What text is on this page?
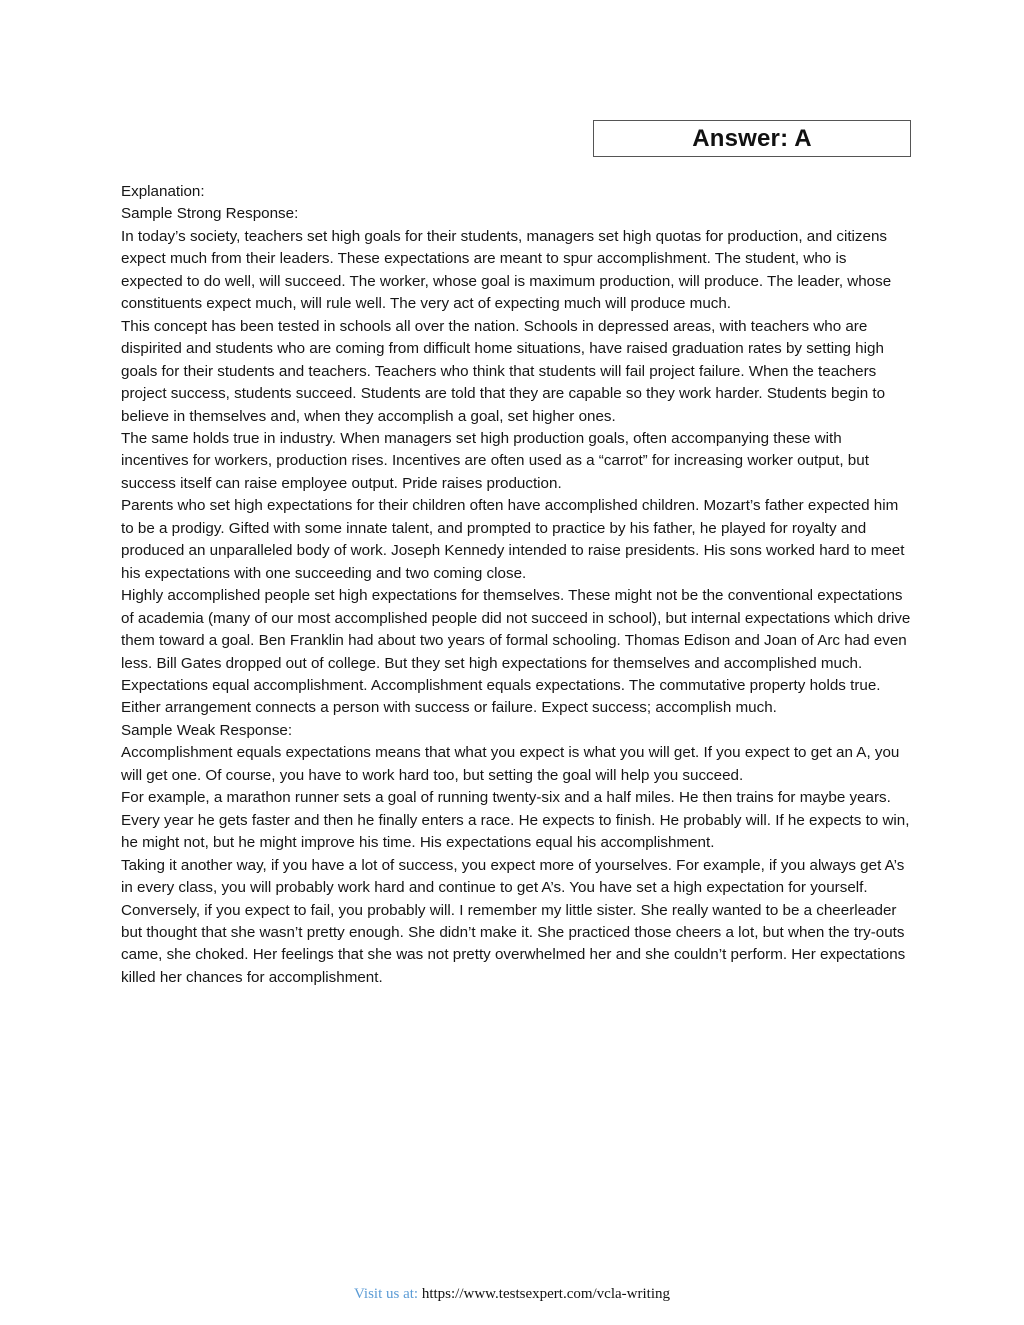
Answer: A

Explanation:

Sample Strong Response:

In today’s society, teachers set high goals for their students, managers set high quotas for production, and citizens expect much from their leaders. These expectations are meant to spur accomplishment. The student, who is expected to do well, will succeed. The worker, whose goal is maximum production, will produce. The leader, whose constituents expect much, will rule well. The very act of expecting much will produce much.

This concept has been tested in schools all over the nation. Schools in depressed areas, with teachers who are dispirited and students who are coming from difficult home situations, have raised graduation rates by setting high goals for their students and teachers. Teachers who think that students will fail project failure. When the teachers project success, students succeed. Students are told that they are capable so they work harder. Students begin to believe in themselves and, when they accomplish a goal, set higher ones.

The same holds true in industry. When managers set high production goals, often accompanying these with incentives for workers, production rises. Incentives are often used as a “carrot” for increasing worker output, but success itself can raise employee output. Pride raises production.

Parents who set high expectations for their children often have accomplished children. Mozart’s father expected him to be a prodigy. Gifted with some innate talent, and prompted to practice by his father, he played for royalty and produced an unparalleled body of work. Joseph Kennedy intended to raise presidents. His sons worked hard to meet his expectations with one succeeding and two coming close.

Highly accomplished people set high expectations for themselves. These might not be the conventional expectations of academia (many of our most accomplished people did not succeed in school), but internal expectations which drive them toward a goal. Ben Franklin had about two years of formal schooling. Thomas Edison and Joan of Arc had even less. Bill Gates dropped out of college. But they set high expectations for themselves and accomplished much.

Expectations equal accomplishment. Accomplishment equals expectations. The commutative property holds true. Either arrangement connects a person with success or failure. Expect success; accomplish much.

Sample Weak Response:

Accomplishment equals expectations means that what you expect is what you will get. If you expect to get an A, you will get one. Of course, you have to work hard too, but setting the goal will help you succeed.

For example, a marathon runner sets a goal of running twenty-six and a half miles. He then trains for maybe years. Every year he gets faster and then he finally enters a race. He expects to finish. He probably will. If he expects to win, he might not, but he might improve his time. His expectations equal his accomplishment.

Taking it another way, if you have a lot of success, you expect more of yourselves. For example, if you always get A’s in every class, you will probably work hard and continue to get A’s. You have set a high expectation for yourself.

Conversely, if you expect to fail, you probably will. I remember my little sister. She really wanted to be a cheerleader but thought that she wasn’t pretty enough. She didn’t make it. She practiced those cheers a lot, but when the try-outs came, she choked. Her feelings that she was not pretty overwhelmed her and she couldn’t perform. Her expectations killed her chances for accomplishment.

Visit us at: https://www.testsexpert.com/vcla-writing
